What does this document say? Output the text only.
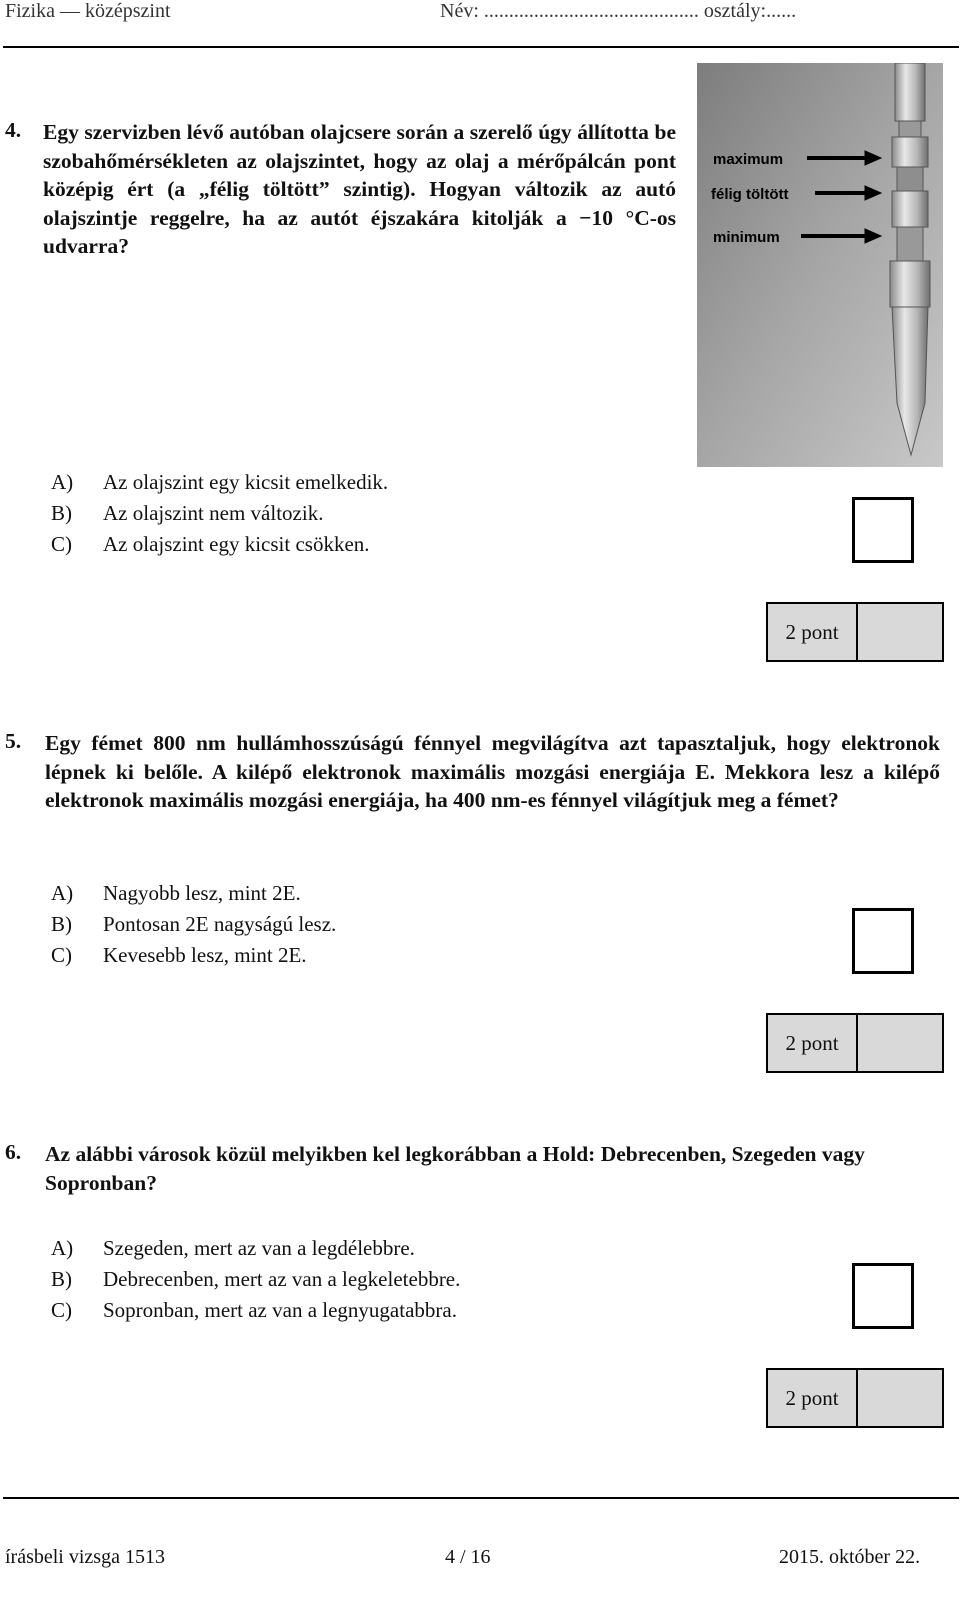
Fizika — középszint	Név: ........................................... osztály:......
4. Egy szervizben lévő autóban olajcsere során a szerelő úgy állította be szobahőmérsékleten az olajszintet, hogy az olaj a mérőpálcán pont középig ért (a „félig töltött” szintig). Hogyan változik az autó olajszintje reggelre, ha az autót éjszakára kitolják a −10 °C-os udvarra?
maximum
félig töltött
minimum
A) Az olajszint egy kicsit emelkedik.
B) Az olajszint nem változik.
C) Az olajszint egy kicsit csökken.
2 pont
5. Egy fémet 800 nm hullámhosszúságú fénnyel megvilágítva azt tapasztaljuk, hogy elektronok lépnek ki belőle. A kilépő elektronok maximális mozgási energiája E. Mekkora lesz a kilépő elektronok maximális mozgási energiája, ha 400 nm-es fénnyel világítjuk meg a fémet?
A) Nagyobb lesz, mint 2E.
B) Pontosan 2E nagyságú lesz.
C) Kevesebb lesz, mint 2E.
2 pont
6. Az alábbi városok közül melyikben kel legkorábban a Hold: Debrecenben, Szegeden vagy Sopronban?
A) Szegeden, mert az van a legdélebbre.
B) Debrecenben, mert az van a legkeletebbre.
C) Sopronban, mert az van a legnyugatabbra.
2 pont
írásbeli vizsga 1513	4 / 16	2015. október 22.
